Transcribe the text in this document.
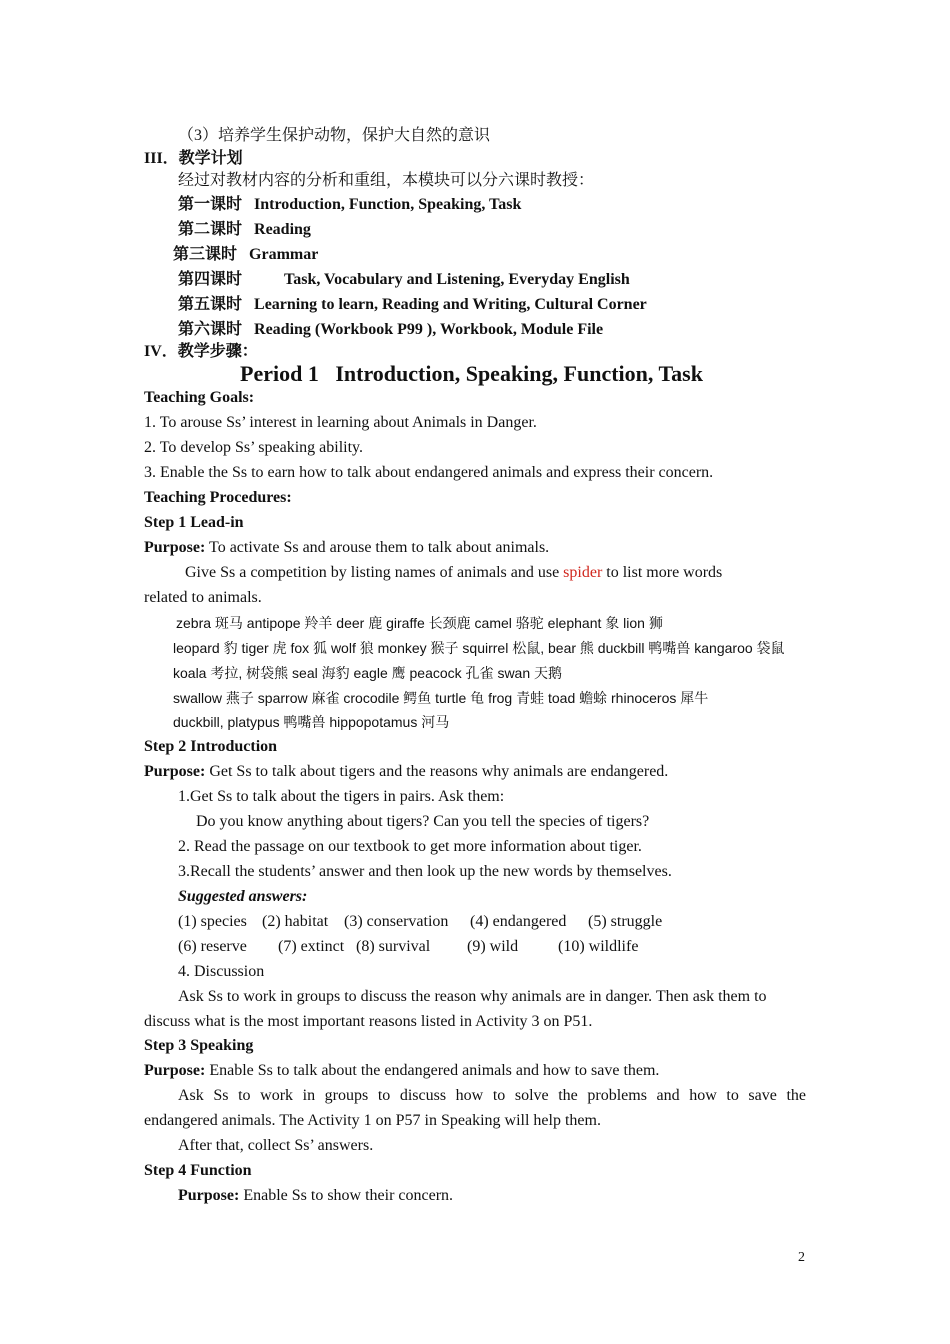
（3）培养学生保护动物，保护大自然的意识
III．教学计划
经过对教材内容的分析和重组，本模块可以分六课时教授：
第一课时 Introduction, Function, Speaking, Task
第二课时 Reading
第三课时 Grammar
第四课时	Task, Vocabulary and Listening, Everyday English
第五课时 Learning to learn, Reading and Writing, Cultural Corner
第六课时 Reading (Workbook P99 ), Workbook, Module File
IV．教学步骤：
Period 1   Introduction, Speaking, Function, Task
Teaching Goals:
1. To arouse Ss’ interest in learning about Animals in Danger.
2. To develop Ss’ speaking ability.
3. Enable the Ss to earn how to talk about endangered animals and express their concern.
Teaching Procedures:
Step 1 Lead-in
Purpose: To activate Ss and arouse them to talk about animals.
Give Ss a competition by listing names of animals and use spider to list more words
related to animals.
zebra 斑马 antipope 羚羊 deer 鹿 giraffe 长颈鹿 camel 骆驼 elephant 象 lion 狮
leopard 豹 tiger 虎 fox 狐 wolf 狼 monkey 猴子 squirrel 松鼠, bear 熊 duckbill 鸭嘴兽 kangaroo 袋鼠
koala 考拉, 树袋熊 seal 海豹 eagle 鹰 peacock 孔雀 swan 天鹅
swallow 燕子 sparrow 麻雀 crocodile 鳄鱼 turtle 龟 frog 青蛙 toad 蟾蜍 rhinoceros 犀牛
duckbill, platypus 鸭嘴兽 hippopotamus 河马
Step 2 Introduction
Purpose: Get Ss to talk about tigers and the reasons why animals are endangered.
1.Get Ss to talk about the tigers in pairs. Ask them:
Do you know anything about tigers? Can you tell the species of tigers?
2. Read the passage on our textbook to get more information about tiger.
3.Recall the students’ answer and then look up the new words by themselves.
Suggested answers:
(1) species (2) habitat (3) conservation (4) endangered (5) struggle
(6) reserve (7) extinct (8) survival (9) wild (10) wildlife
4. Discussion
Ask Ss to work in groups to discuss the reason why animals are in danger. Then ask them to
discuss what is the most important reasons listed in Activity 3 on P51.
Step 3 Speaking
Purpose: Enable Ss to talk about the endangered animals and how to save them.
Ask Ss to work in groups to discuss how to solve the problems and how to save the
endangered animals. The Activity 1 on P57 in Speaking will help them.
After that, collect Ss’ answers.
Step 4 Function
Purpose: Enable Ss to show their concern.
2
